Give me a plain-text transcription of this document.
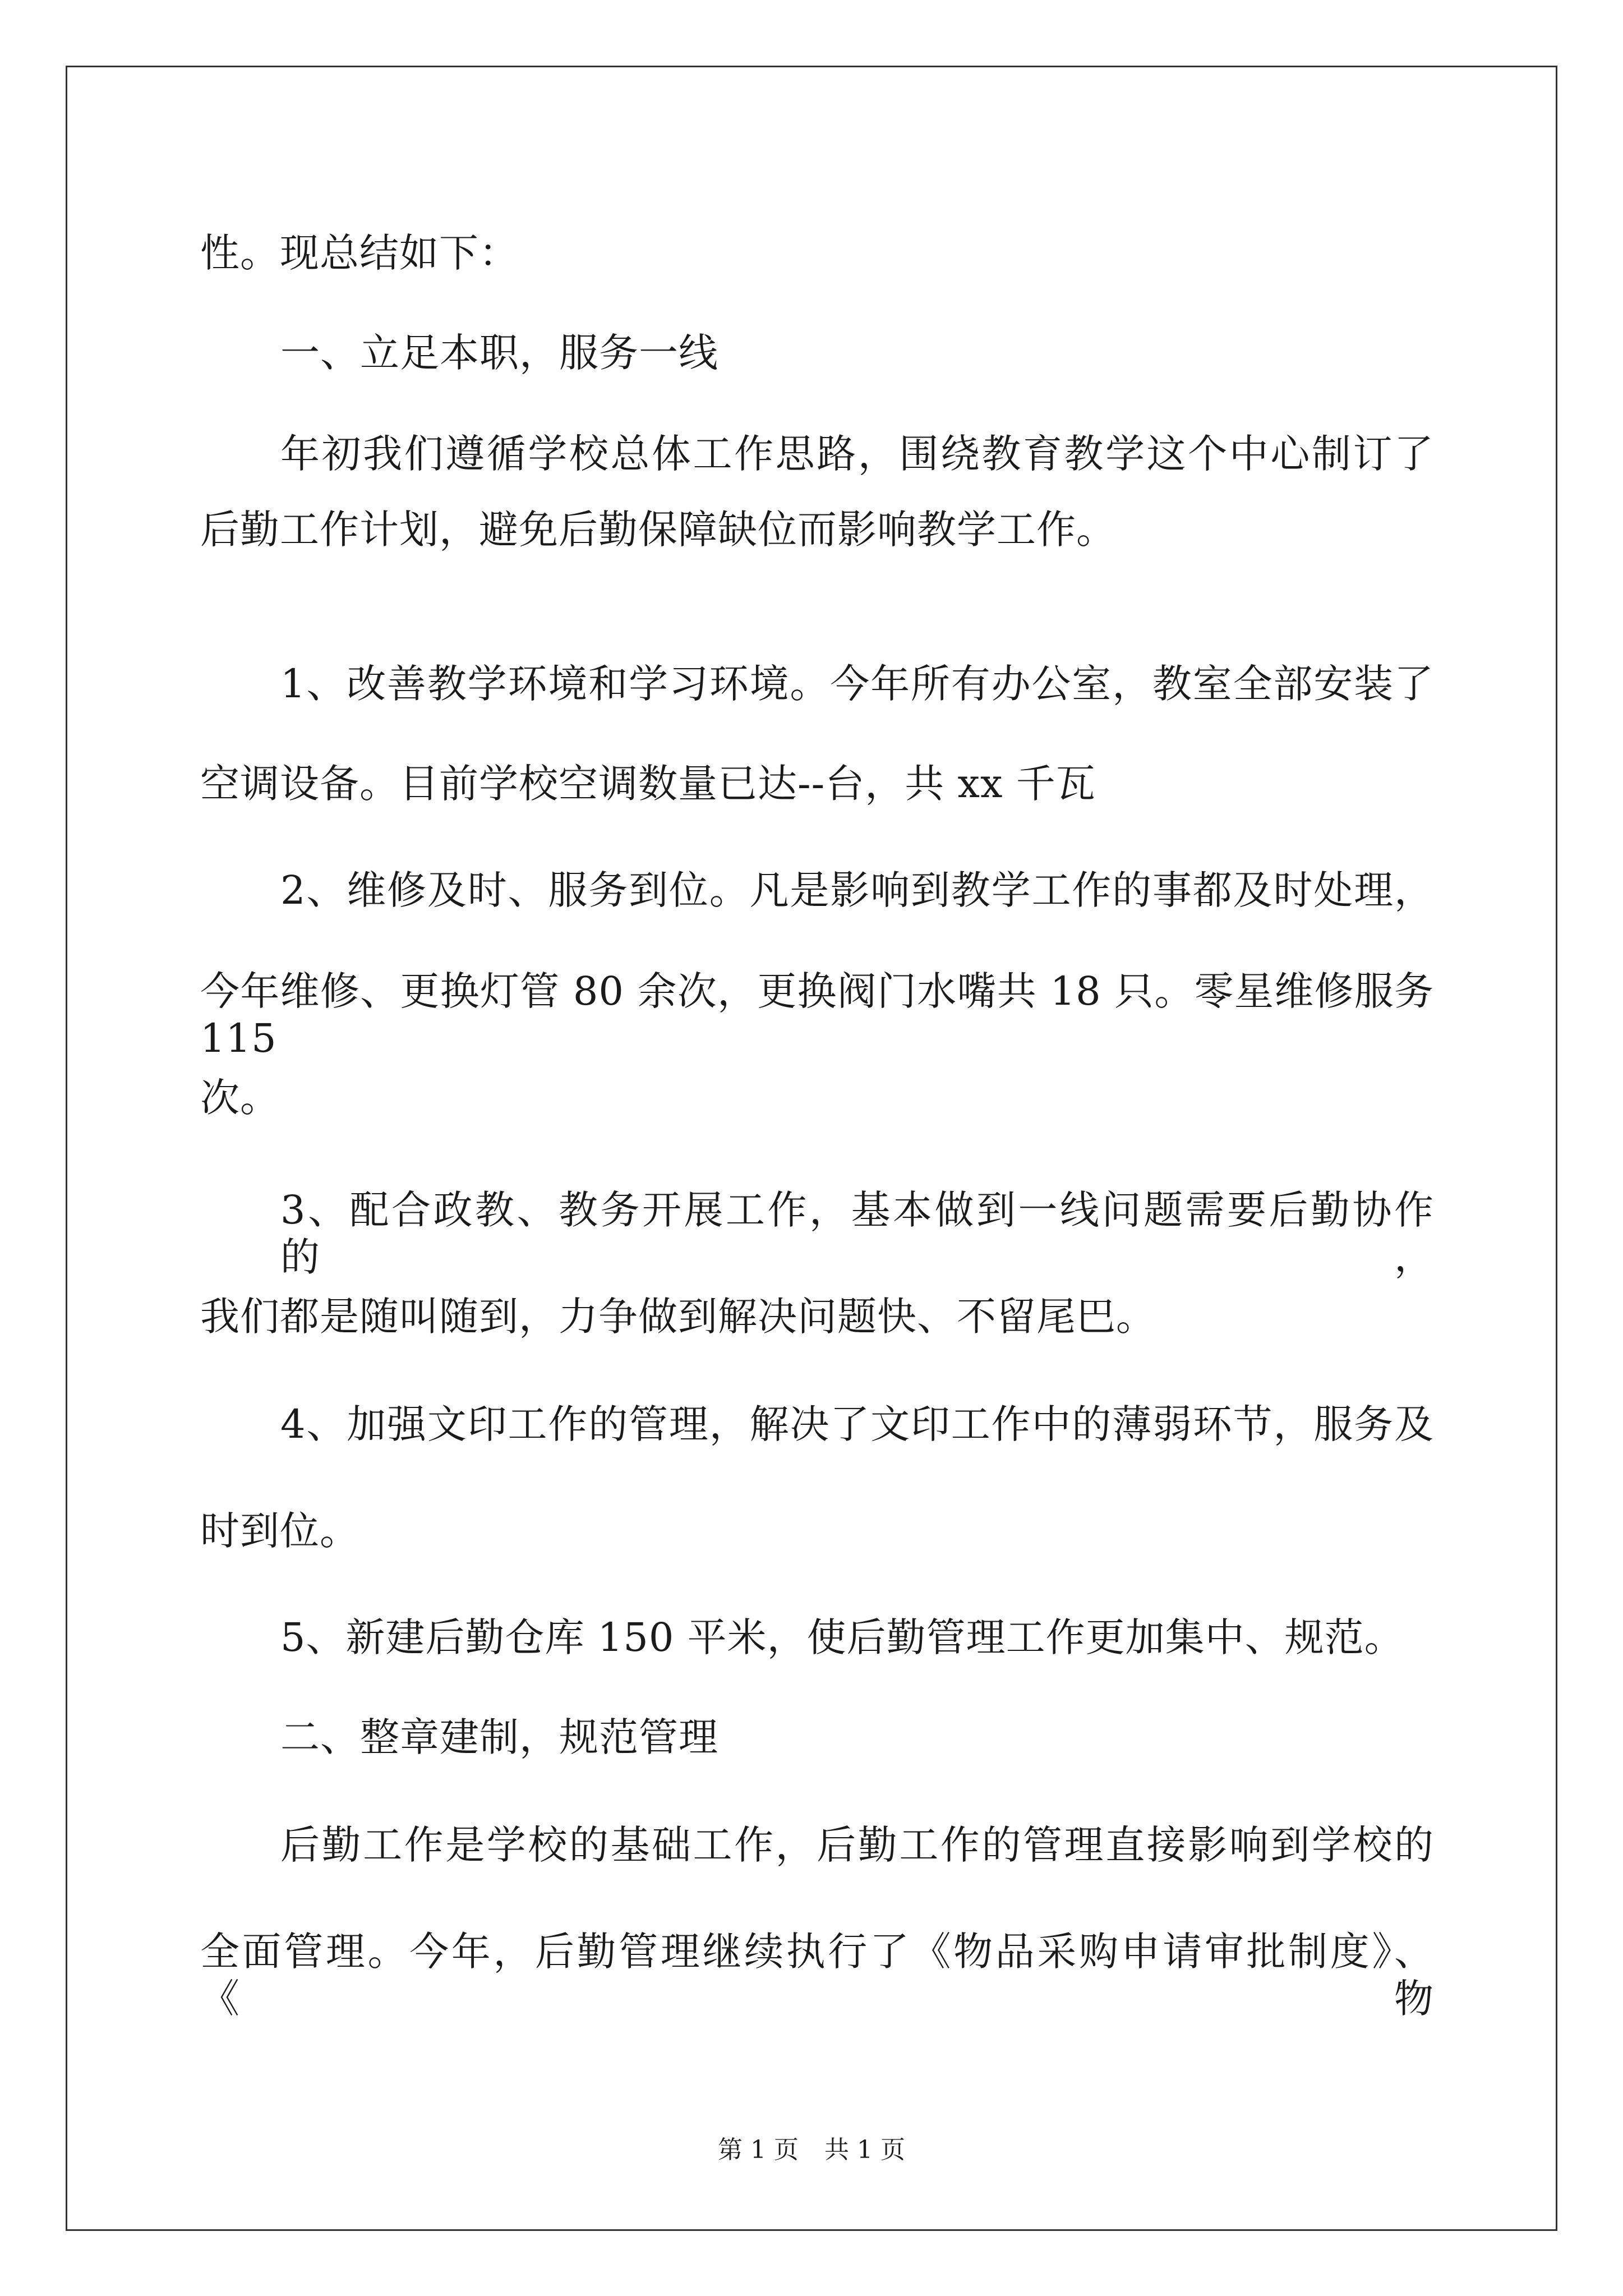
性。现总结如下：
一、立足本职，服务一线
年初我们遵循学校总体工作思路，围绕教育教学这个中心制订了
后勤工作计划，避免后勤保障缺位而影响教学工作。
1、改善教学环境和学习环境。今年所有办公室，教室全部安装了
空调设备。目前学校空调数量已达--台，共 xx 千瓦
2、维修及时、服务到位。凡是影响到教学工作的事都及时处理，
今年维修、更换灯管 80 余次，更换阀门水嘴共 18 只。零星维修服务 115
次。
3、配合政教、教务开展工作，基本做到一线问题需要后勤协作的，
我们都是随叫随到，力争做到解决问题快、不留尾巴。
4、加强文印工作的管理，解决了文印工作中的薄弱环节，服务及
时到位。
5、新建后勤仓库 150 平米，使后勤管理工作更加集中、规范。
二、整章建制，规范管理
后勤工作是学校的基础工作，后勤工作的管理直接影响到学校的
全面管理。今年，后勤管理继续执行了《物品采购申请审批制度》、《物
第 1 页 共 1 页
